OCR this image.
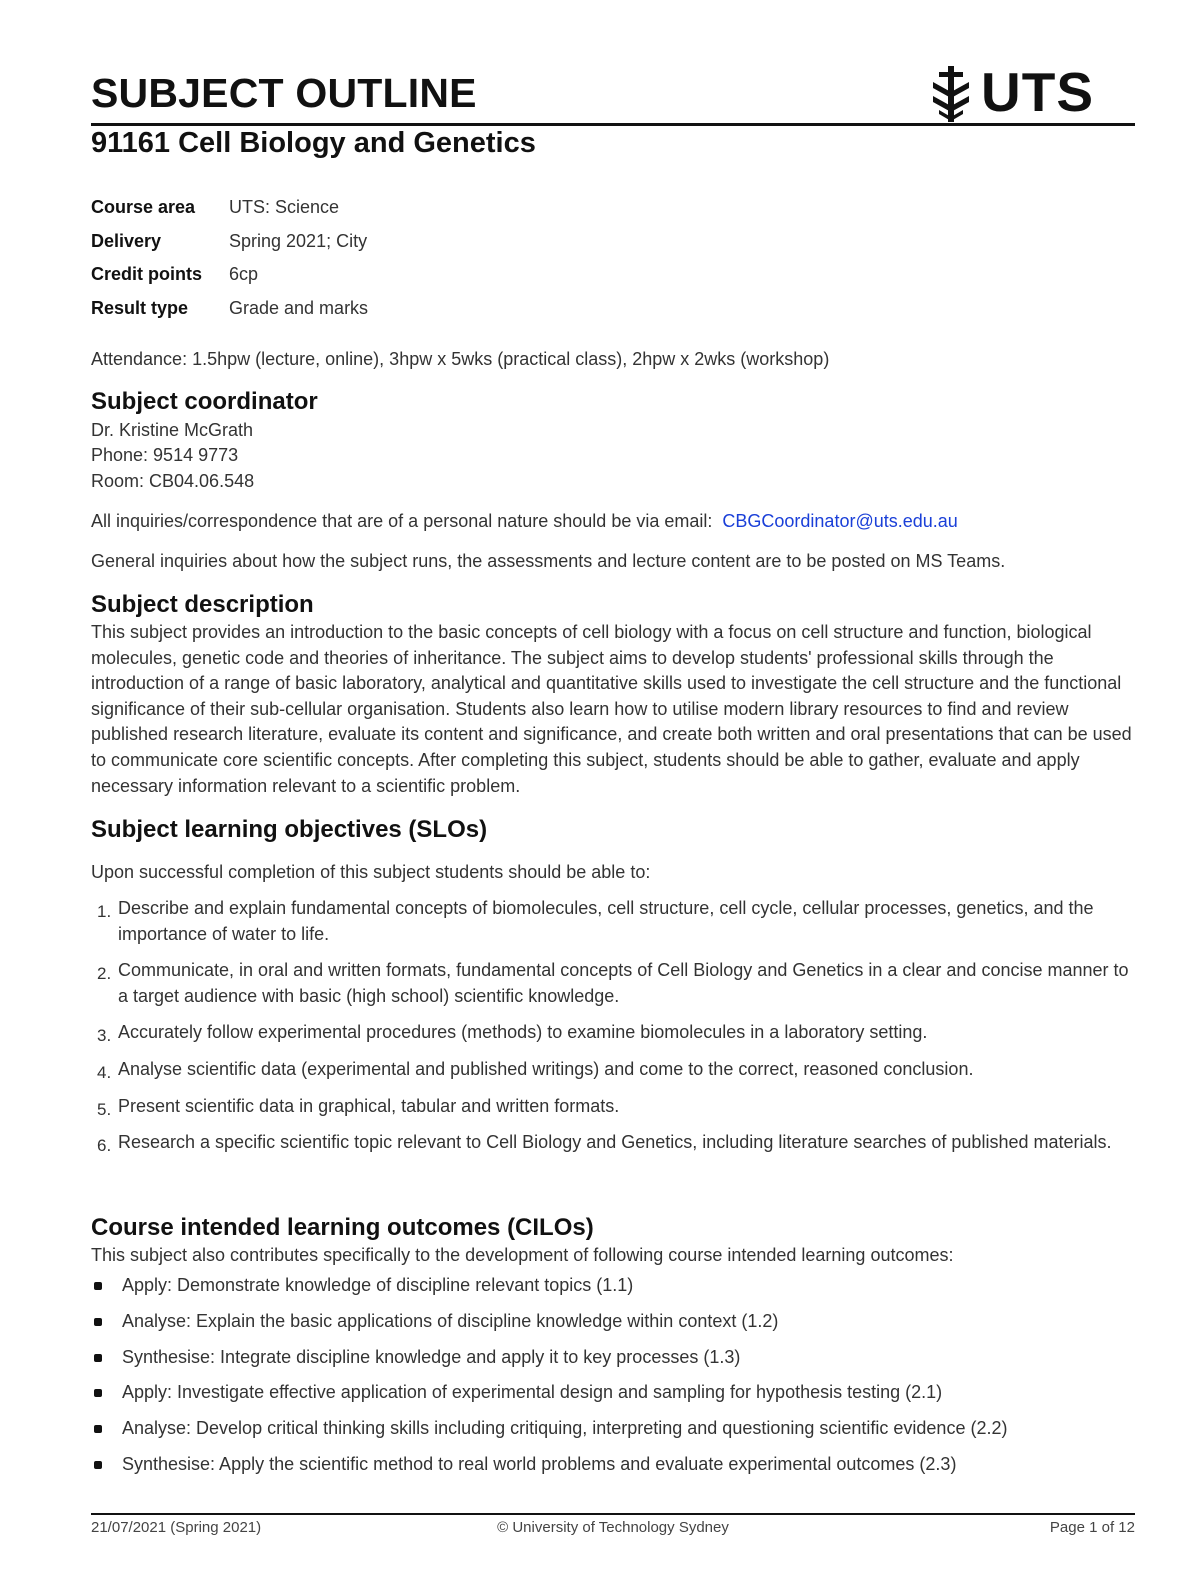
SUBJECT OUTLINE	UTS
91161 Cell Biology and Genetics
Course area UTS: Science
Delivery	Spring 2021; City
Credit points 6cp
Result type Grade and marks

Attendance: 1.5hpw (lecture, online), 3hpw x 5wks (practical class), 2hpw x 2wks (workshop)

Subject coordinator

Dr. Kristine McGrath

Phone: 9514 9773

Room: CB04.06.548

All inquiries/correspondence that are of a personal nature should be via email: CBGCoordinator@uts.edu.au

General inquiries about how the subject runs, the assessments and lecture content are to be posted on MS Teams.

Subject description

This subject provides an introduction to the basic concepts of cell biology with a focus on cell structure and function, biological molecules, genetic code and theories of inheritance. The subject aims to develop students' professional skills through the introduction of a range of basic laboratory, analytical and quantitative skills used to investigate the cell structure and the functional significance of their sub-cellular organisation. Students also learn how to utilise modern library resources to find and review published research literature, evaluate its content and significance, and create both written and oral presentations that can be used to communicate core scientific concepts. After completing this subject, students should be able to gather, evaluate and apply necessary information relevant to a scientific problem.

Subject learning objectives (SLOs)

Upon successful completion of this subject students should be able to:

1. Describe and explain fundamental concepts of biomolecules, cell structure, cell cycle, cellular processes, genetics, and the importance of water to life.
2. Communicate, in oral and written formats, fundamental concepts of Cell Biology and Genetics in a clear and concise manner to a target audience with basic (high school) scientific knowledge.
3. Accurately follow experimental procedures (methods) to examine biomolecules in a laboratory setting.
4. Analyse scientific data (experimental and published writings) and come to the correct, reasoned conclusion.
5. Present scientific data in graphical, tabular and written formats.
6. Research a specific scientific topic relevant to Cell Biology and Genetics, including literature searches of published materials.
Course intended learning outcomes (CILOs)

This subject also contributes specifically to the development of following course intended learning outcomes:

Apply: Demonstrate knowledge of discipline relevant topics (1.1)
Analyse: Explain the basic applications of discipline knowledge within context (1.2)
Synthesise: Integrate discipline knowledge and apply it to key processes (1.3)
Apply: Investigate effective application of experimental design and sampling for hypothesis testing (2.1)
Analyse: Develop critical thinking skills including critiquing, interpreting and questioning scientific evidence (2.2)
Synthesise: Apply the scientific method to real world problems and evaluate experimental outcomes (2.3)
21/07/2021 (Spring 2021)	© University of Technology Sydney	Page 1 of 12
